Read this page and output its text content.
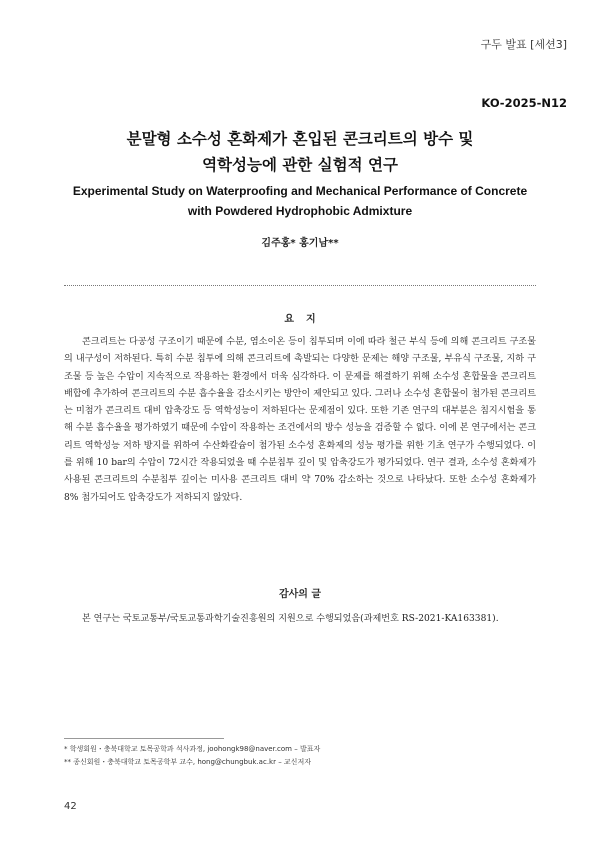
구두 발표 [세션3]
KO-2025-N12
분말형 소수성 혼화제가 혼입된 콘크리트의 방수 및
역학성능에 관한 실험적 연구
Experimental Study on Waterproofing and Mechanical Performance of Concrete
with Powdered Hydrophobic Admixture
김주홍* 홍기남**
요지
콘크리트는 다공성 구조이기 때문에 수분, 염소이온 등이 침투되며 이에 따라 철근 부식 등에 의해 콘크리트 구조물의 내구성이 저하된다. 특히 수분 침투에 의해 콘크리트에 촉발되는 다양한 문제는 해양 구조물, 부유식 구조물, 지하 구조물 등 높은 수압이 지속적으로 작용하는 환경에서 더욱 심각하다. 이 문제를 해결하기 위해 소수성 혼합물을 콘크리트 배합에 추가하여 콘크리트의 수분 흡수율을 감소시키는 방안이 제안되고 있다. 그러나 소수성 혼합물이 첨가된 콘크리트는 미첨가 콘크리트 대비 압축강도 등 역학성능이 저하된다는 문제점이 있다. 또한 기존 연구의 대부분은 침지시험을 통해 수분 흡수율을 평가하였기 때문에 수압이 작용하는 조건에서의 방수 성능을 검증할 수 없다. 이에 본 연구에서는 콘크리트 역학성능 저하 방지를 위하여 수산화칼슘이 첨가된 소수성 혼화제의 성능 평가를 위한 기초 연구가 수행되었다. 이를 위해 10 bar의 수압이 72시간 작용되었을 때 수분침투 깊이 및 압축강도가 평가되었다. 연구 결과, 소수성 혼화제가 사용된 콘크리트의 수분침투 깊이는 미사용 콘크리트 대비 약 70% 감소하는 것으로 나타났다. 또한 소수성 혼화제가 8% 첨가되어도 압축강도가 저하되지 않았다.
감사의 글
본 연구는 국토교통부/국토교통과학기술진흥원의 지원으로 수행되었음(과제번호 RS-2021-KA163381).
* 학생회원・충북대학교 토목공학과 석사과정, joohongk98@naver.com – 발표자
** 종신회원・충북대학교 토목공학부 교수, hong@chungbuk.ac.kr – 교신저자
42
